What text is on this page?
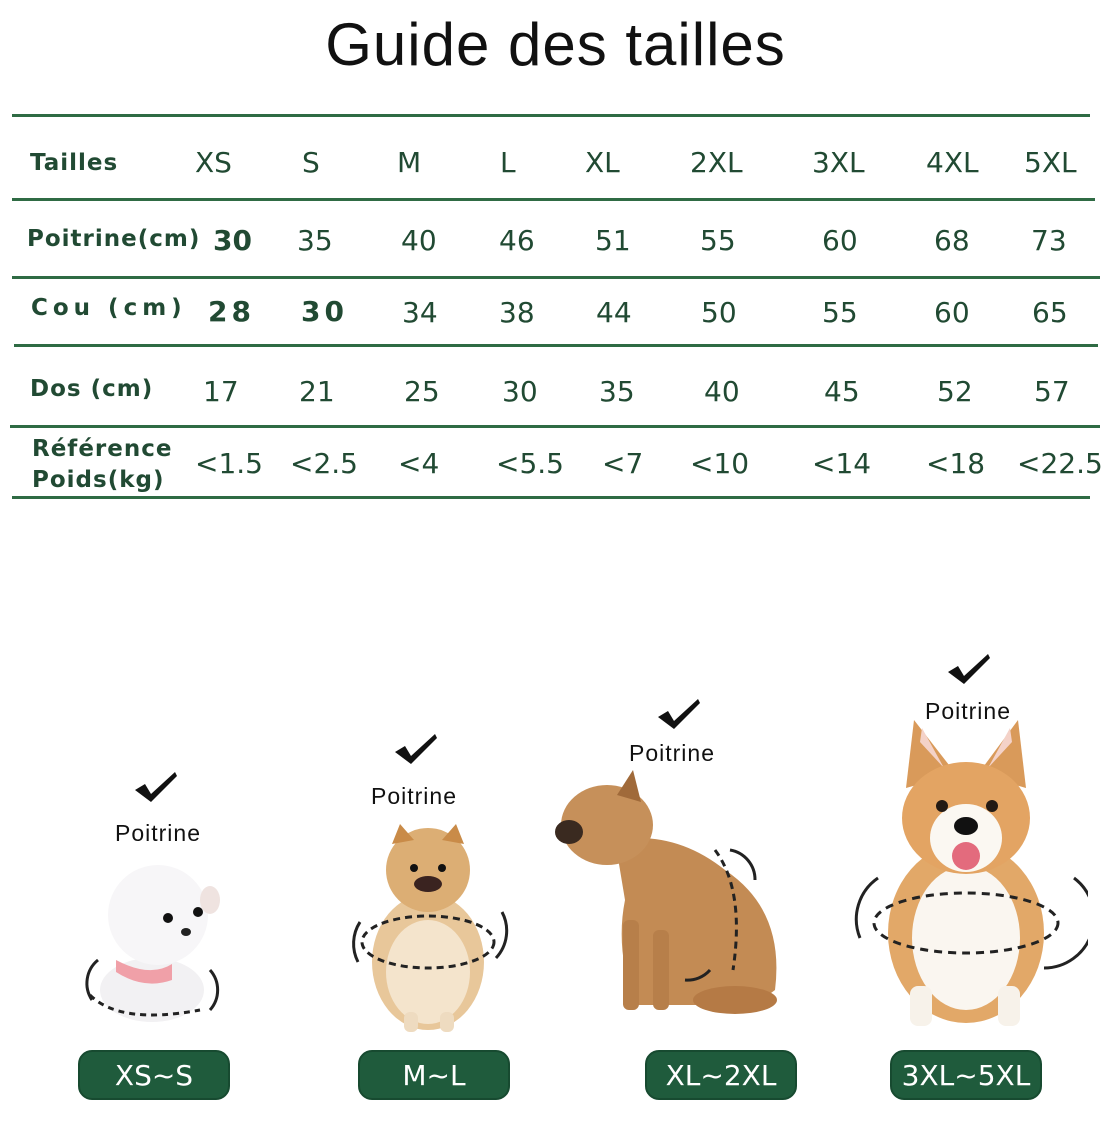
Guide des tailles
Tailles	XS	S	M	L XL	2XL 3XL 4XL 5XL
Poitrine(cm) 30 35 40 46 51 55	60	68 73
Cou (cm) 28 30 34 38 44 50	55	60 65
Dos (cm) 17 21 25 30 35 40	45	52 57
Référence
Poids(kg) <1.5 <2.5 <4 <5.5 <7 <10 <14 <18 <22.5
Poitrine
XS~S
Poitrine
M~L
Poitrine
XL~2XL
Poitrine
3XL~5XL
